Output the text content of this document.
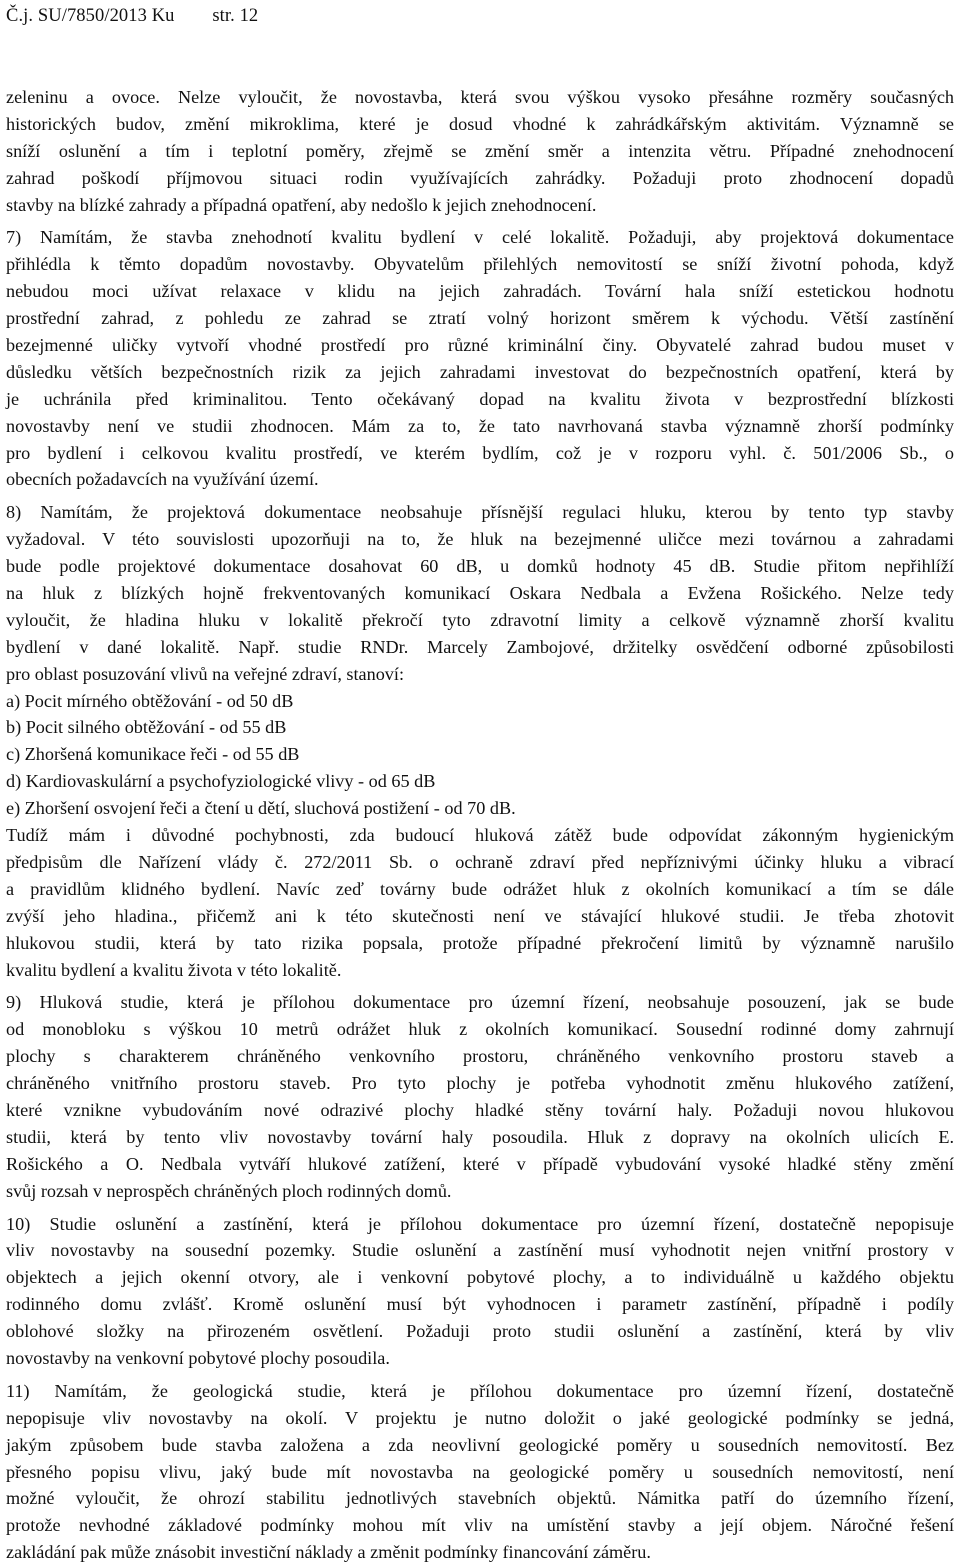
Č.j. SU/7850/2013 Ku str. 12
zeleninu a ovoce. Nelze vyloučit, že novostavba, která svou výškou vysoko přesáhne rozměry současných
historických budov, změní mikroklima, které je dosud vhodné k zahrádkářským aktivitám. Významně se
sníží oslunění a tím i teplotní poměry, zřejmě se změní směr a intenzita větru. Případné znehodnocení
zahrad poškodí příjmovou situaci rodin využívajících zahrádky. Požaduji proto zhodnocení dopadů
stavby na blízké zahrady a případná opatření, aby nedošlo k jejich znehodnocení.
7) Namítám, že stavba znehodnotí kvalitu bydlení v celé lokalitě. Požaduji, aby projektová dokumentace
přihlédla k těmto dopadům novostavby. Obyvatelům přilehlých nemovitostí se sníží životní pohoda, když
nebudou moci užívat relaxace v klidu na jejich zahradách. Tovární hala sníží estetickou hodnotu
prostřední zahrad, z pohledu ze zahrad se ztratí volný horizont směrem k východu. Větší zastínění
bezejmenné uličky vytvoří vhodné prostředí pro různé kriminální činy. Obyvatelé zahrad budou muset v
důsledku větších bezpečnostních rizik za jejich zahradami investovat do bezpečnostních opatření, která by
je uchránila před kriminalitou. Tento očekávaný dopad na kvalitu života v bezprostřední blízkosti
novostavby není ve studii zhodnocen. Mám za to, že tato navrhovaná stavba významně zhorší podmínky
pro bydlení i celkovou kvalitu prostředí, ve kterém bydlím, což je v rozporu vyhl. č. 501/2006 Sb., o
obecních požadavcích na využívání území.
8) Namítám, že projektová dokumentace neobsahuje přísnější regulaci hluku, kterou by tento typ stavby
vyžadoval. V této souvislosti upozorňuji na to, že hluk na bezejmenné uličce mezi továrnou a zahradami
bude podle projektové dokumentace dosahovat 60 dB, u domků hodnoty 45 dB. Studie přitom nepřihlíží
na hluk z blízkých hojně frekventovaných komunikací Oskara Nedbala a Evžena Rošického. Nelze tedy
vyloučit, že hladina hluku v lokalitě překročí tyto zdravotní limity a celkově významně zhorší kvalitu
bydlení v dané lokalitě. Např. studie RNDr. Marcely Zambojové, držitelky osvědčení odborné způsobilosti
pro oblast posuzování vlivů na veřejné zdraví, stanoví:
a) Pocit mírného obtěžování - od 50 dB
b) Pocit silného obtěžování - od 55 dB
c) Zhoršená komunikace řeči - od 55 dB
d) Kardiovaskulární a psychofyziologické vlivy - od 65 dB
e) Zhoršení osvojení řeči a čtení u dětí, sluchová postižení - od 70 dB.
Tudíž mám i důvodné pochybnosti, zda budoucí hluková zátěž bude odpovídat zákonným hygienickým
předpisům dle Nařízení vlády č. 272/2011 Sb. o ochraně zdraví před nepříznivými účinky hluku a vibrací
a pravidlům klidného bydlení. Navíc zeď továrny bude odrážet hluk z okolních komunikací a tím se dále
zvýší jeho hladina., přičemž ani k této skutečnosti není ve stávající hlukové studii. Je třeba zhotovit
hlukovou studii, která by tato rizika popsala, protože případné překročení limitů by významně narušilo
kvalitu bydlení a kvalitu života v této lokalitě.
9) Hluková studie, která je přílohou dokumentace pro územní řízení, neobsahuje posouzení, jak se bude
od monobloku s výškou 10 metrů odrážet hluk z okolních komunikací. Sousední rodinné domy zahrnují
plochy s charakterem chráněného venkovního prostoru, chráněného venkovního prostoru staveb a
chráněného vnitřního prostoru staveb. Pro tyto plochy je potřeba vyhodnotit změnu hlukového zatížení,
které vznikne vybudováním nové odrazivé plochy hladké stěny tovární haly. Požaduji novou hlukovou
studii, která by tento vliv novostavby tovární haly posoudila. Hluk z dopravy na okolních ulicích E.
Rošického a O. Nedbala vytváří hlukové zatížení, které v případě vybudování vysoké hladké stěny změní
svůj rozsah v neprospěch chráněných ploch rodinných domů.
10) Studie oslunění a zastínění, která je přílohou dokumentace pro územní řízení, dostatečně nepopisuje
vliv novostavby na sousední pozemky. Studie oslunění a zastínění musí vyhodnotit nejen vnitřní prostory v
objektech a jejich okenní otvory, ale i venkovní pobytové plochy, a to individuálně u každého objektu
rodinného domu zvlášť. Kromě oslunění musí být vyhodnocen i parametr zastínění, případně i podíly
oblohové složky na přirozeném osvětlení. Požaduji proto studii oslunění a zastínění, která by vliv
novostavby na venkovní pobytové plochy posoudila.
11) Namítám, že geologická studie, která je přílohou dokumentace pro územní řízení, dostatečně
nepopisuje vliv novostavby na okolí. V projektu je nutno doložit o jaké geologické podmínky se jedná,
jakým způsobem bude stavba založena a zda neovlivní geologické poměry u sousedních nemovitostí. Bez
přesného popisu vlivu, jaký bude mít novostavba na geologické poměry u sousedních nemovitostí, není
možné vyloučit, že ohrozí stabilitu jednotlivých stavebních objektů. Námitka patří do územního řízení,
protože nevhodné základové podmínky mohou mít vliv na umístění stavby a její objem. Náročné řešení
zakládání pak může znásobit investiční náklady a změnit podmínky financování záměru.
